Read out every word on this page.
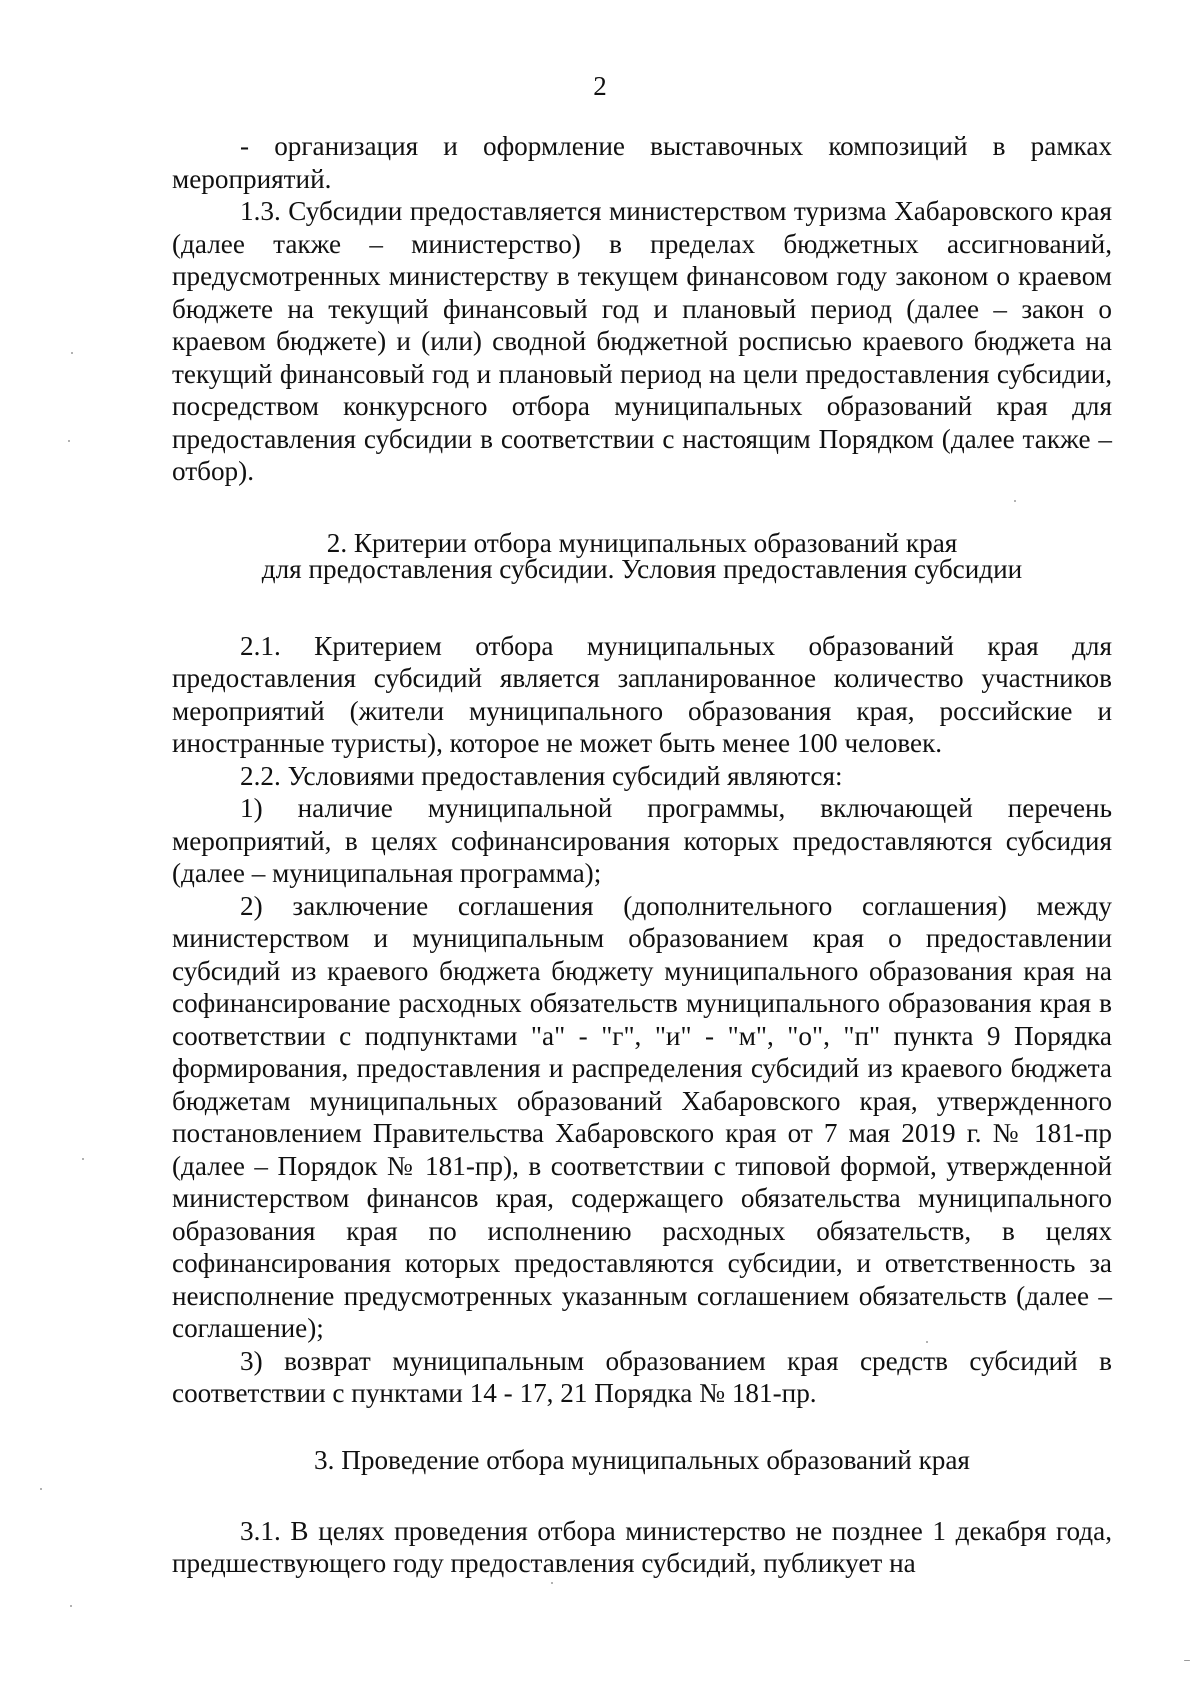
2

- организация и оформление выставочных композиций в рамках мероприятий.

1.3. Субсидии предоставляется министерством туризма Хабаровского края (далее также – министерство) в пределах бюджетных ассигнований, предусмотренных министерству в текущем финансовом году законом о краевом бюджете на текущий финансовый год и плановый период (далее – закон о краевом бюджете) и (или) сводной бюджетной росписью краевого бюджета на текущий финансовый год и плановый период на цели предоставления субсидии, посредством конкурсного отбора муниципальных образований края для предоставления субсидии в соответствии с настоящим Порядком (далее также – отбор).

2. Критерии отбора муниципальных образований края
для предоставления субсидии. Условия предоставления субсидии

2.1. Критерием отбора муниципальных образований края для предоставления субсидий является запланированное количество участников мероприятий (жители муниципального образования края, российские и иностранные туристы), которое не может быть менее 100 человек.

2.2. Условиями предоставления субсидий являются:

1) наличие муниципальной программы, включающей перечень мероприятий, в целях софинансирования которых предоставляются субсидия (далее – муниципальная программа);

2) заключение соглашения (дополнительного соглашения) между министерством и муниципальным образованием края о предоставлении субсидий из краевого бюджета бюджету муниципального образования края на софинансирование расходных обязательств муниципального образования края в соответствии с подпунктами "а" - "г", "и" - "м", "о", "п" пункта 9 Порядка формирования, предоставления и распределения субсидий из краевого бюджета бюджетам муниципальных образований Хабаровского края, утвержденного постановлением Правительства Хабаровского края от 7 мая 2019 г. № 181-пр (далее – Порядок № 181-пр), в соответствии с типовой формой, утвержденной министерством финансов края, содержащего обязательства муниципального образования края по исполнению расходных обязательств, в целях софинансирования которых предоставляются субсидии, и ответственность за неисполнение предусмотренных указанным соглашением обязательств (далее – соглашение);

3) возврат муниципальным образованием края средств субсидий в соответствии с пунктами 14 - 17, 21 Порядка № 181-пр.

3. Проведение отбора муниципальных образований края

3.1. В целях проведения отбора министерство не позднее 1 декабря года, предшествующего году предоставления субсидий, публикует на
